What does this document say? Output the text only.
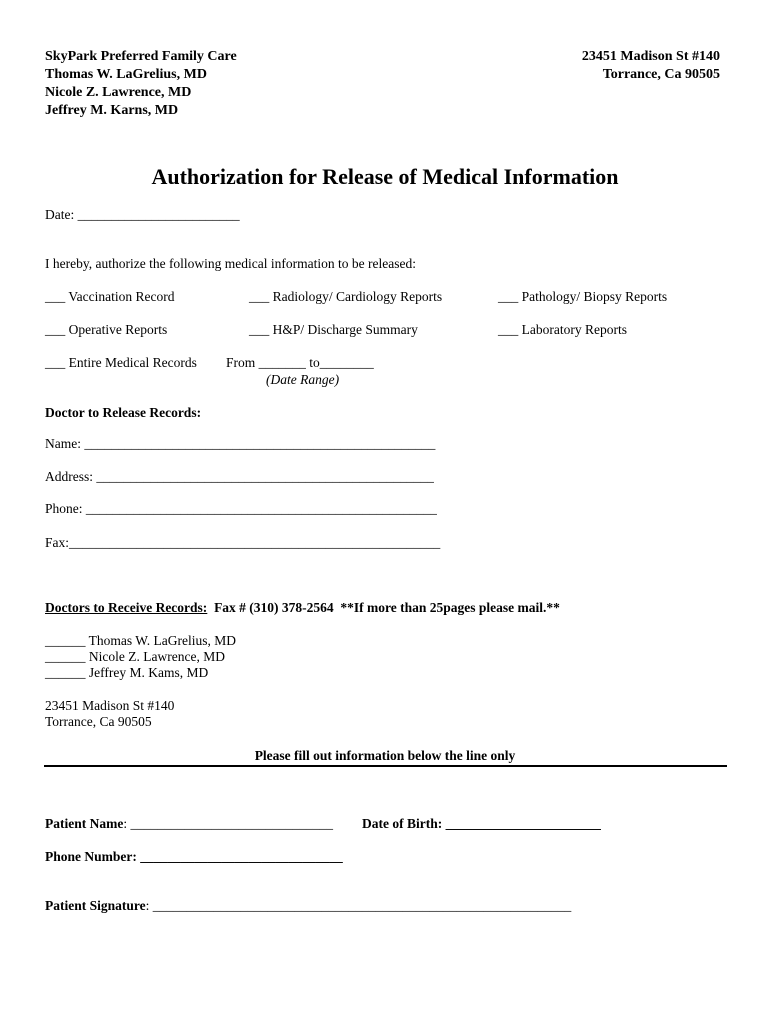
SkyPark Preferred Family Care
Thomas W. LaGrelius, MD
Nicole Z. Lawrence, MD
Jeffrey M. Karns, MD
23451 Madison St #140
Torrance, Ca 90505
Authorization for Release of Medical Information
Date: ________________________
I hereby, authorize the following medical information to be released:
___ Vaccination Record	___ Radiology/ Cardiology Reports	___ Pathology/ Biopsy Reports
___ Operative Reports	___ H&P/ Discharge Summary	___ Laboratory Reports
___ Entire Medical Records From _______ to________
(Date Range)
Doctor to Release Records:
Name: ____________________________________________________
Address: __________________________________________________
Phone: ____________________________________________________
Fax:_______________________________________________________
Doctors to Receive Records: Fax # (310) 378-2564  **If more than 25pages please mail.**
______ Thomas W. LaGrelius, MD
______ Nicole Z. Lawrence, MD
______ Jeffrey M. Kams, MD
23451 Madison St #140
Torrance, Ca 90505
Please fill out information below the line only
Patient Name: ______________________________ Date of Birth: _______________________
Phone Number: ______________________________
Patient Signature: ______________________________________________________________
